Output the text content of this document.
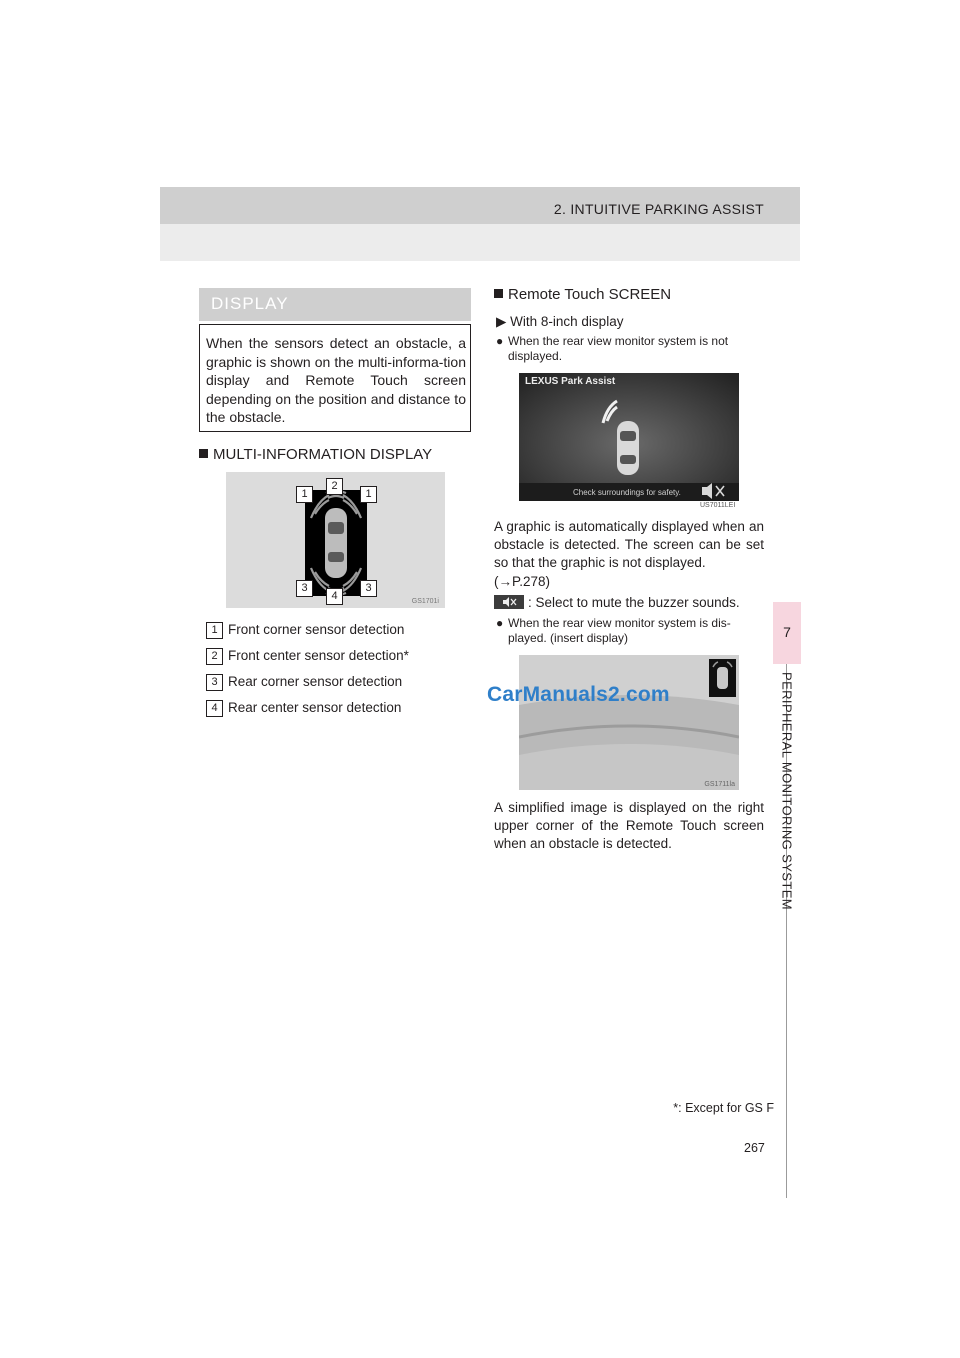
2. INTUITIVE PARKING ASSIST
7
PERIPHERAL MONITORING SYSTEM
DISPLAY
When the sensors detect an obstacle, a graphic is shown on the multi-informa-tion display and Remote Touch screen depending on the position and distance to the obstacle.
MULTI-INFORMATION DISPLAY
2
1	1
3
4
3
GS1701i
1 Front corner sensor detection
2 Front center sensor detection*
3 Rear corner sensor detection
4 Rear center sensor detection
Remote Touch SCREEN
▶ With 8-inch display
● When the rear view monitor system is not displayed.
LEXUS Park Assist
Check surroundings for safety.
US7011LEI
A graphic is automatically displayed when an obstacle is detected. The screen can be set so that the graphic is not displayed.
(→P.278)
: Select to mute the buzzer sounds.
● When the rear view monitor system is dis-played. (insert display)
GS1711la
CarManuals2.com
A simplified image is displayed on the right upper corner of the Remote Touch screen when an obstacle is detected.
*: Except for GS F
267
